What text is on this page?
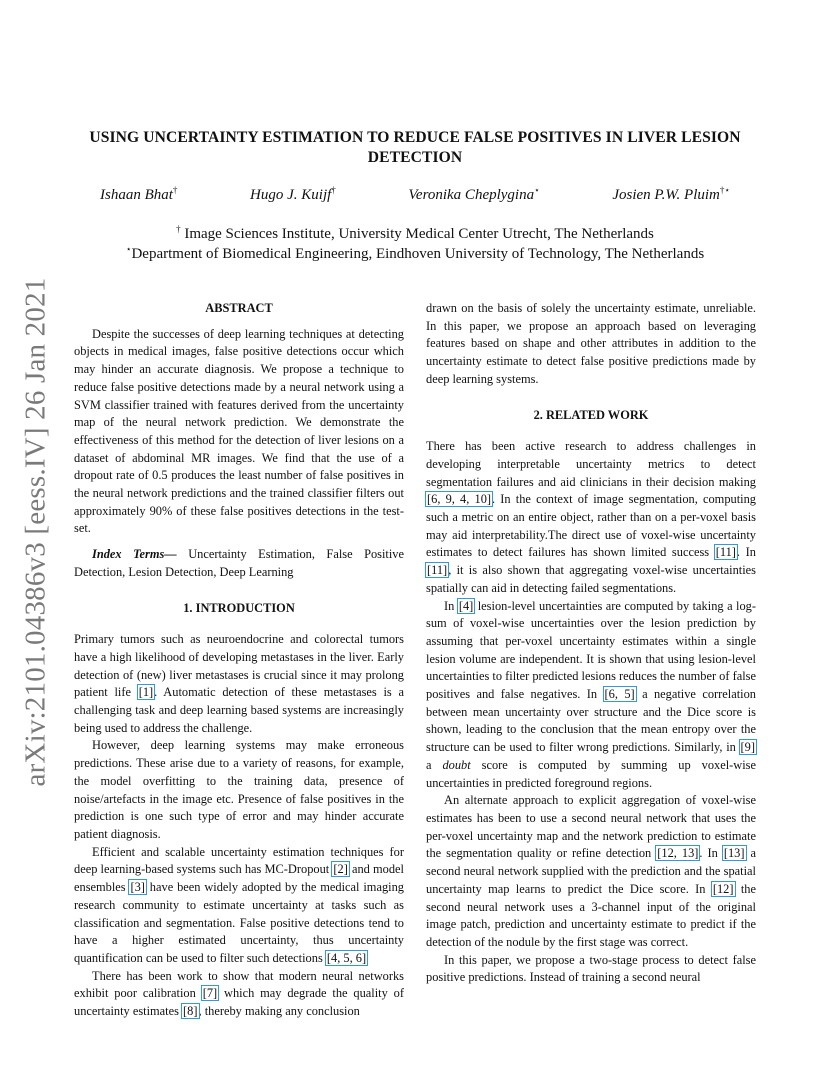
arXiv:2101.04386v3 [eess.IV] 26 Jan 2021
USING UNCERTAINTY ESTIMATION TO REDUCE FALSE POSITIVES IN LIVER LESION
DETECTION
Ishaan Bhat†	Hugo J. Kuijf†	Veronika Cheplygina⋆	Josien P.W. Pluim†⋆
† Image Sciences Institute, University Medical Center Utrecht, The Netherlands
⋆Department of Biomedical Engineering, Eindhoven University of Technology, The Netherlands

ABSTRACT

Despite the successes of deep learning techniques at detecting objects in medical images, false positive detections occur which may hinder an accurate diagnosis. We propose a technique to reduce false positive detections made by a neural network using a SVM classifier trained with features derived from the uncertainty map of the neural network prediction. We demonstrate the effectiveness of this method for the detection of liver lesions on a dataset of abdominal MR images. We find that the use of a dropout rate of 0.5 produces the least number of false positives in the neural network predictions and the trained classifier filters out approximately 90% of these false positives detections in the test-set.

Index Terms— Uncertainty Estimation, False Positive Detection, Lesion Detection, Deep Learning

1. INTRODUCTION

Primary tumors such as neuroendocrine and colorectal tumors have a high likelihood of developing metastases in the liver. Early detection of (new) liver metastases is crucial since it may prolong patient life [1]. Automatic detection of these metastases is a challenging task and deep learning based systems are increasingly being used to address the challenge.

However, deep learning systems may make erroneous predictions. These arise due to a variety of reasons, for example, the model overfitting to the training data, presence of noise/artefacts in the image etc. Presence of false positives in the prediction is one such type of error and may hinder accurate patient diagnosis.

Efficient and scalable uncertainty estimation techniques for deep learning-based systems such has MC-Dropout [2] and model ensembles [3] have been widely adopted by the medical imaging research community to estimate uncertainty at tasks such as classification and segmentation. False positive detections tend to have a higher estimated uncertainty, thus uncertainty quantification can be used to filter such detections [4, 5, 6]

There has been work to show that modern neural networks exhibit poor calibration [7] which may degrade the quality of uncertainty estimates [8], thereby making any conclusion

drawn on the basis of solely the uncertainty estimate, unreliable. In this paper, we propose an approach based on leveraging features based on shape and other attributes in addition to the uncertainty estimate to detect false positive predictions made by deep learning systems.

2. RELATED WORK

There has been active research to address challenges in developing interpretable uncertainty metrics to detect segmentation failures and aid clinicians in their decision making [6, 9, 4, 10]. In the context of image segmentation, computing such a metric on an entire object, rather than on a per-voxel basis may aid interpretability.The direct use of voxel-wise uncertainty estimates to detect failures has shown limited success [11]. In [11], it is also shown that aggregating voxel-wise uncertainties spatially can aid in detecting failed segmentations.

In [4] lesion-level uncertainties are computed by taking a log-sum of voxel-wise uncertainties over the lesion prediction by assuming that per-voxel uncertainty estimates within a single lesion volume are independent. It is shown that using lesion-level uncertainties to filter predicted lesions reduces the number of false positives and false negatives. In [6, 5] a negative correlation between mean uncertainty over structure and the Dice score is shown, leading to the conclusion that the mean entropy over the structure can be used to filter wrong predictions. Similarly, in [9] a doubt score is computed by summing up voxel-wise uncertainties in predicted foreground regions.

An alternate approach to explicit aggregation of voxel-wise estimates has been to use a second neural network that uses the per-voxel uncertainty map and the network prediction to estimate the segmentation quality or refine detection [12, 13]. In [13] a second neural network supplied with the prediction and the spatial uncertainty map learns to predict the Dice score. In [12] the second neural network uses a 3-channel input of the original image patch, prediction and uncertainty estimate to predict if the detection of the nodule by the first stage was correct.

In this paper, we propose a two-stage process to detect false positive predictions. Instead of training a second neural
